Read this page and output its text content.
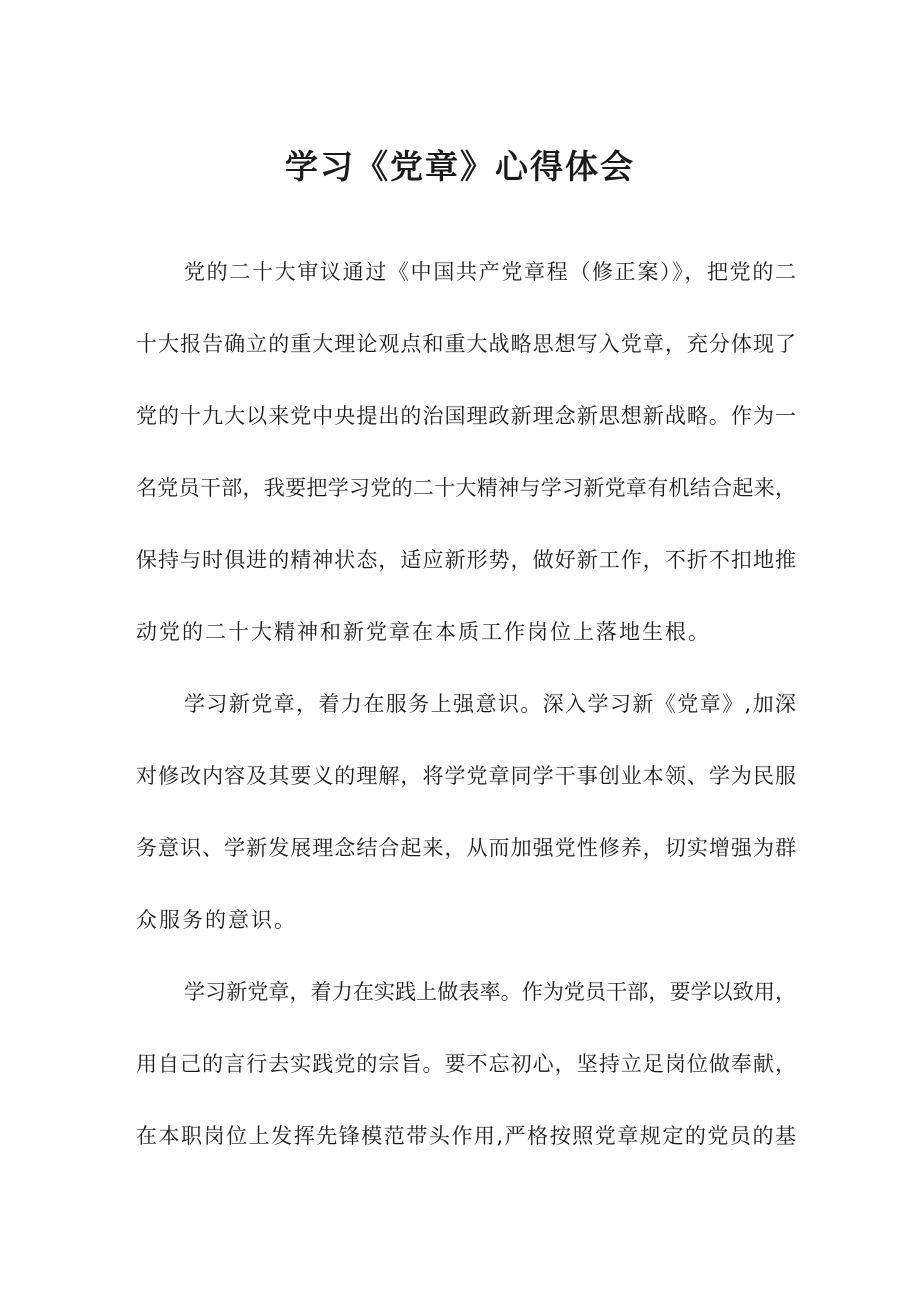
学习《党章》心得体会
党的二十大审议通过《中国共产党章程（修正案）》，把党的二
十大报告确立的重大理论观点和重大战略思想写入党章，充分体现了
党的十九大以来党中央提出的治国理政新理念新思想新战略。作为一
名党员干部，我要把学习党的二十大精神与学习新党章有机结合起来，
保持与时俱进的精神状态，适应新形势，做好新工作，不折不扣地推
动党的二十大精神和新党章在本质工作岗位上落地生根。
学习新党章，着力在服务上强意识。深入学习新《党章》,加深
对修改内容及其要义的理解，将学党章同学干事创业本领、学为民服
务意识、学新发展理念结合起来，从而加强党性修养，切实增强为群
众服务的意识。
学习新党章，着力在实践上做表率。作为党员干部，要学以致用，
用自己的言行去实践党的宗旨。要不忘初心，坚持立足岗位做奉献，
在本职岗位上发挥先锋模范带头作用,严格按照党章规定的党员的基
